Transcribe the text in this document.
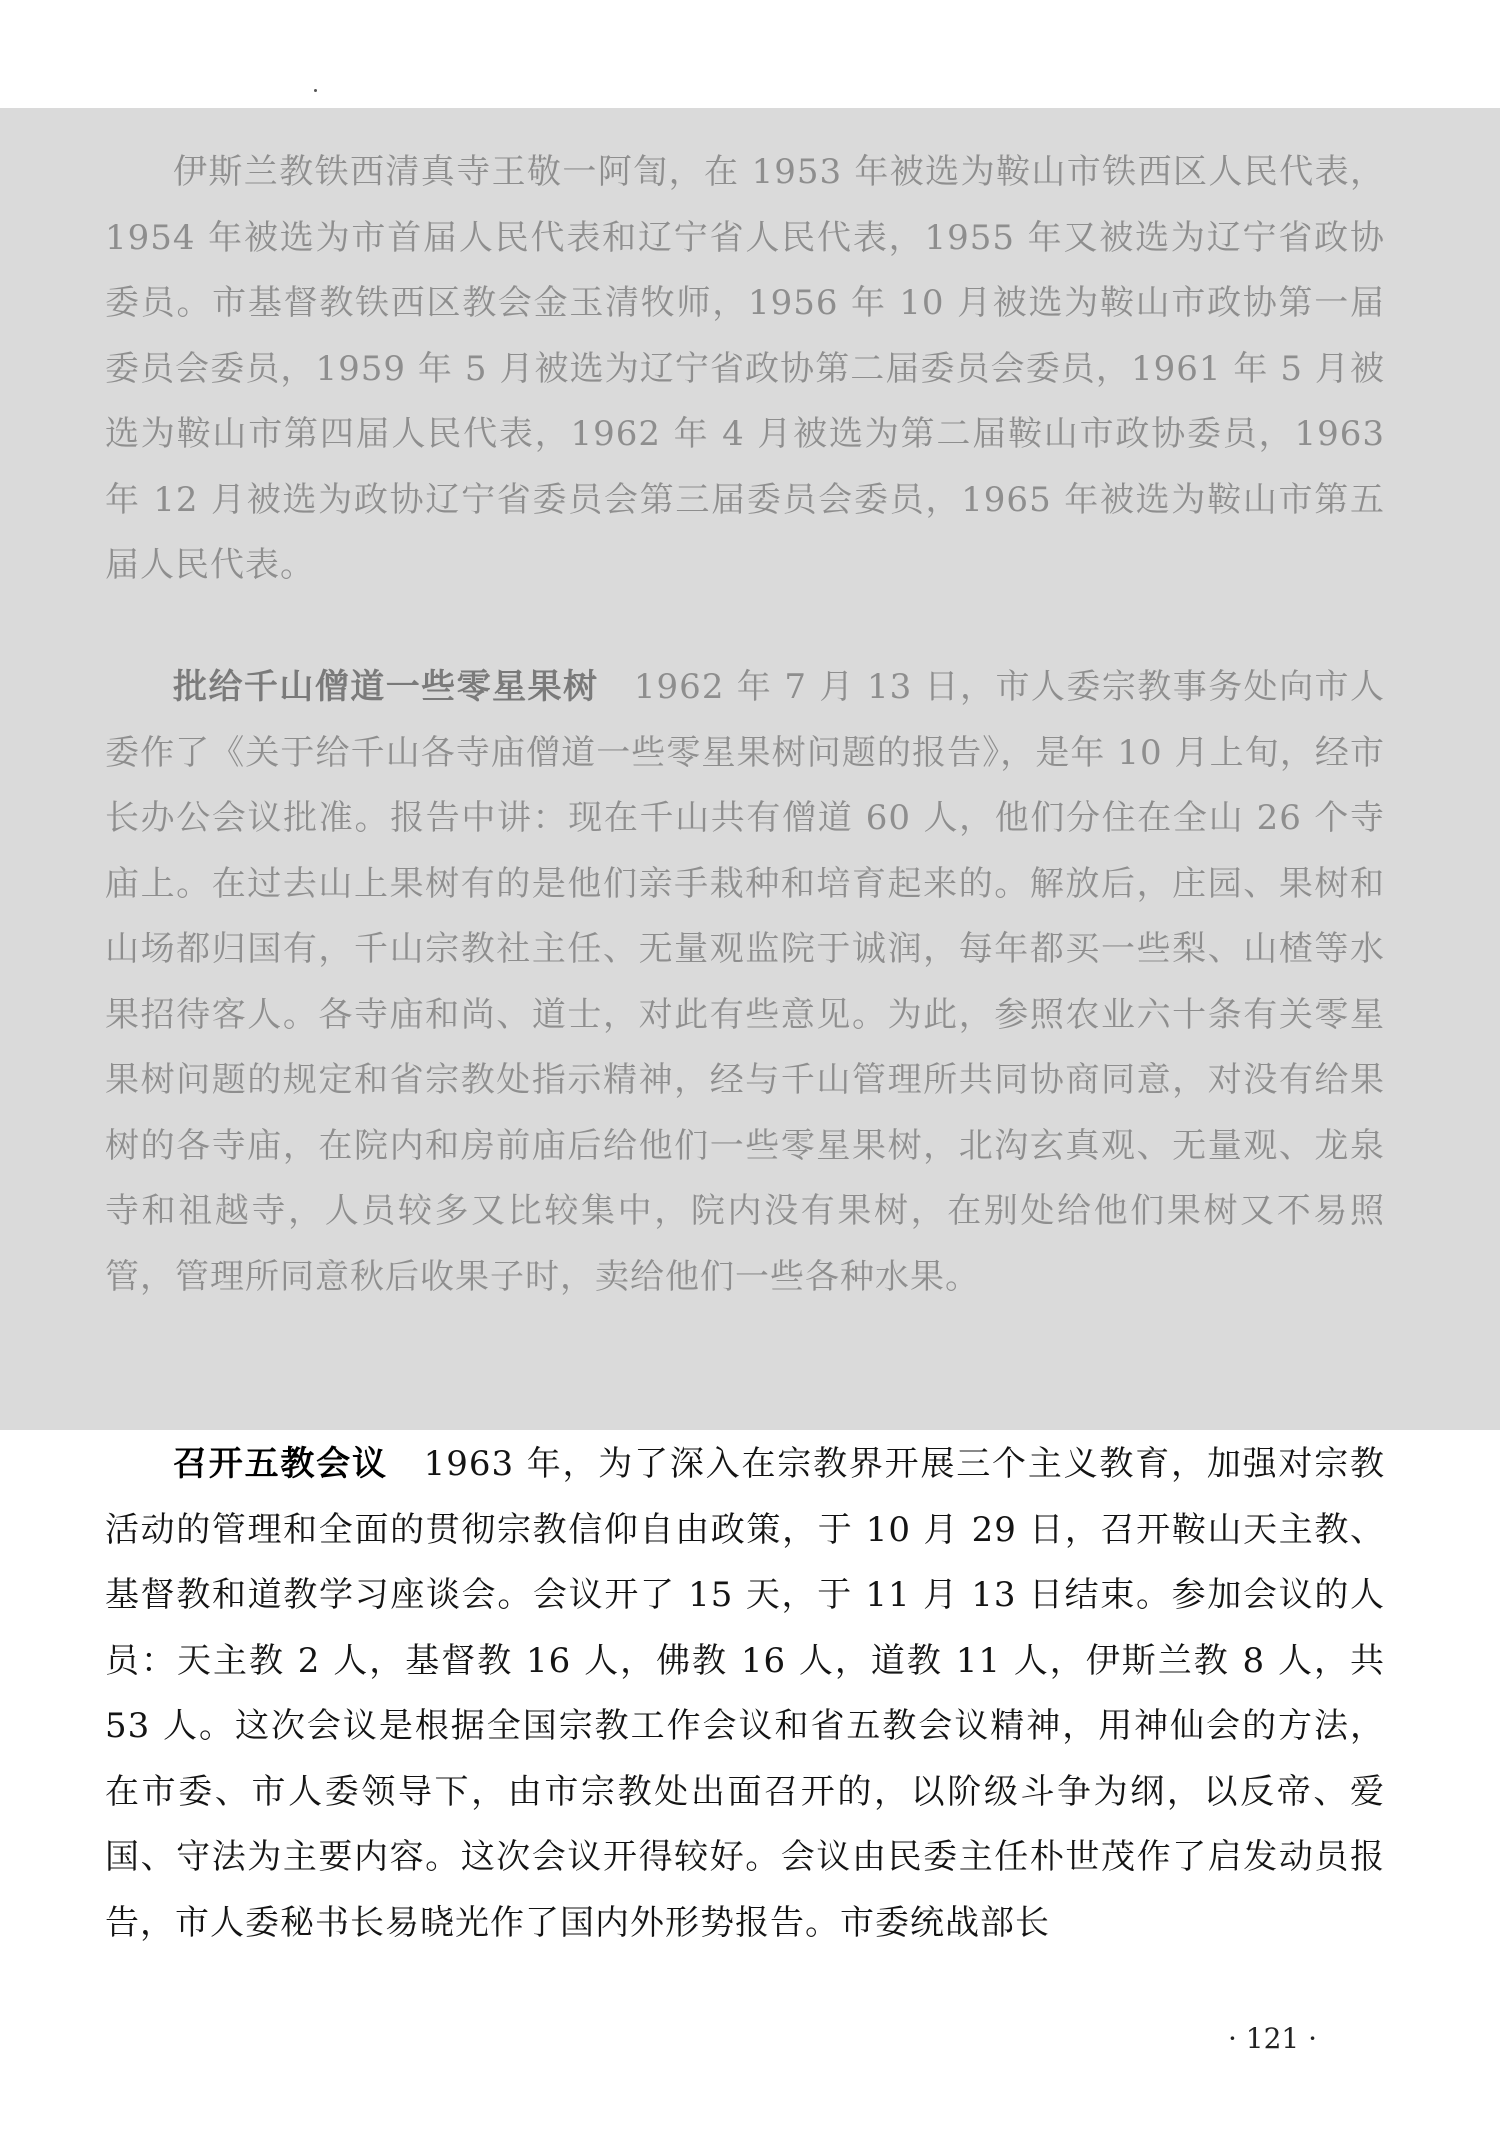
伊斯兰教铁西清真寺王敬一阿訇，在 1953 年被选为鞍山市铁西区人民代表，1954 年被选为市首届人民代表和辽宁省人民代表，1955 年又被选为辽宁省政协委员。市基督教铁西区教会金玉清牧师，1956 年 10 月被选为鞍山市政协第一届委员会委员，1959 年 5 月被选为辽宁省政协第二届委员会委员，1961 年 5 月被选为鞍山市第四届人民代表，1962 年 4 月被选为第二届鞍山市政协委员，1963 年 12 月被选为政协辽宁省委员会第三届委员会委员，1965 年被选为鞍山市第五届人民代表。

批给千山僧道一些零星果树　 1962 年 7 月 13 日，市人委宗教事务处向市人委作了《关于给千山各寺庙僧道一些零星果树问题的报告》，是年 10 月上旬，经市长办公会议批准。报告中讲：现在千山共有僧道 60 人，他们分住在全山 26 个寺庙上。在过去山上果树有的是他们亲手栽种和培育起来的。解放后，庄园、果树和山场都归国有，千山宗教社主任、无量观监院于诚润，每年都买一些梨、山楂等水果招待客人。各寺庙和尚、道士，对此有些意见。为此，参照农业六十条有关零星果树问题的规定和省宗教处指示精神，经与千山管理所共同协商同意，对没有给果树的各寺庙，在院内和房前庙后给他们一些零星果树，北沟玄真观、无量观、龙泉寺和祖越寺，人员较多又比较集中，院内没有果树，在别处给他们果树又不易照管，管理所同意秋后收果子时，卖给他们一些各种水果。

召开五教会议　 1963 年，为了深入在宗教界开展三个主义教育，加强对宗教活动的管理和全面的贯彻宗教信仰自由政策，于 10 月 29 日，召开鞍山天主教、基督教和道教学习座谈会。会议开了 15 天，于 11 月 13 日结束。参加会议的人员：天主教 2 人，基督教 16 人，佛教 16 人，道教 11 人，伊斯兰教 8 人，共 53 人。这次会议是根据全国宗教工作会议和省五教会议精神，用神仙会的方法，在市委、市人委领导下，由市宗教处出面召开的，以阶级斗争为纲，以反帝、爱国、守法为主要内容。这次会议开得较好。会议由民委主任朴世茂作了启发动员报告，市人委秘书长易晓光作了国内外形势报告。市委统战部长

· 121 ·
